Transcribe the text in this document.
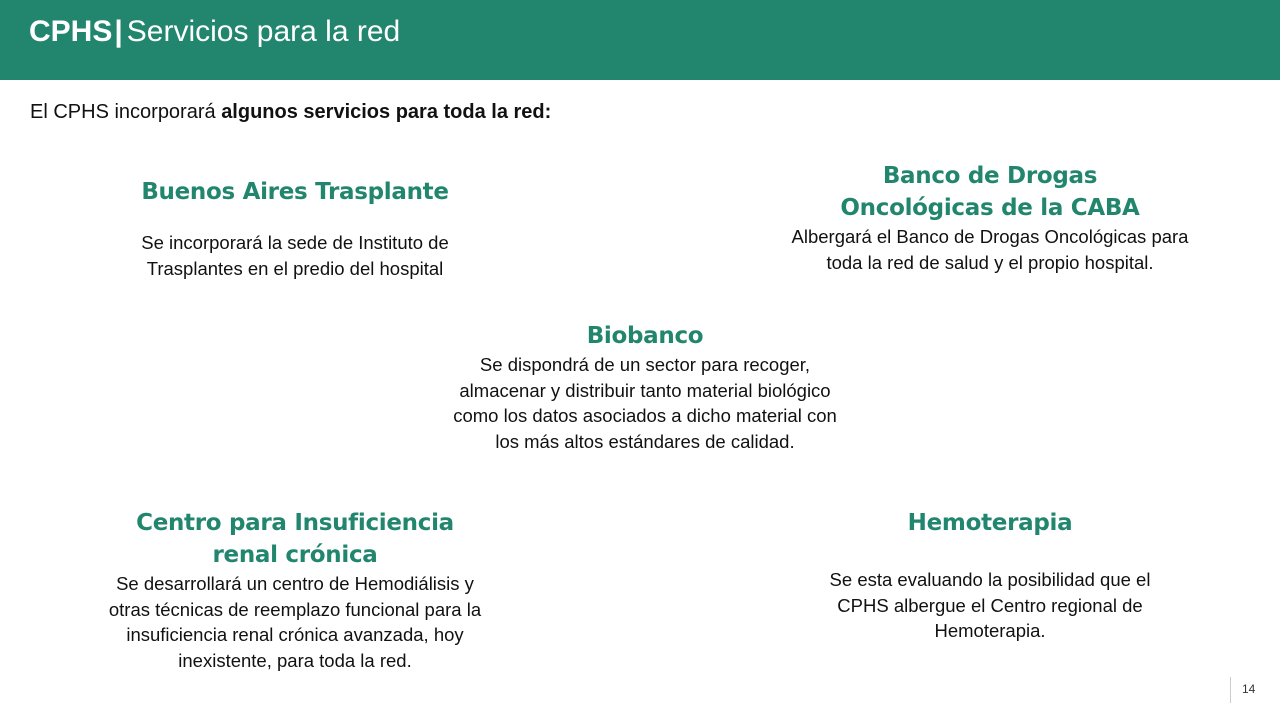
CPHS| Servicios para la red
El CPHS incorporará algunos servicios para toda la red:
Buenos Aires Trasplante

Se incorporará la sede de Instituto de Trasplantes en el predio del hospital

Banco de Drogas Oncológicas de la CABA

Albergará el Banco de Drogas Oncológicas para toda la red de salud y el propio hospital.

Biobanco

Se dispondrá de un sector para recoger, almacenar y distribuir tanto material biológico como los datos asociados a dicho material con los más altos estándares de calidad.

Centro para Insuficiencia renal crónica

Se desarrollará un centro de Hemodiálisis y otras técnicas de reemplazo funcional para la insuficiencia renal crónica avanzada, hoy inexistente, para toda la red.

Hemoterapia

Se esta evaluando la posibilidad que el CPHS albergue el Centro regional de Hemoterapia.

14
